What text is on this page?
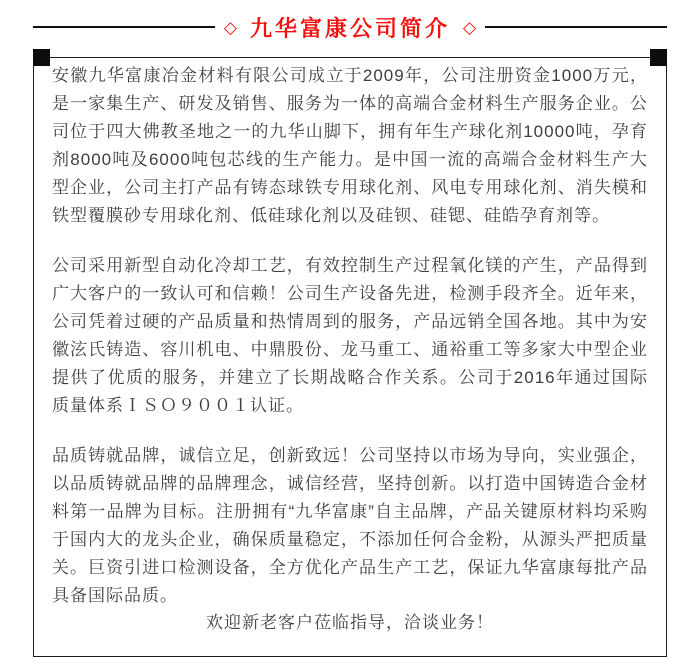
◇ 九华富康公司简介 ◇

安徽九华富康冶金材料有限公司成立于2009年，公司注册资金1000万元，是一家集生产、研发及销售、服务为一体的高端合金材料生产服务企业。公司位于四大佛教圣地之一的九华山脚下，拥有年生产球化剂10000吨，孕育剂8000吨及6000吨包芯线的生产能力。是中国一流的高端合金材料生产大型企业，公司主打产品有铸态球铁专用球化剂、风电专用球化剂、消失模和铁型覆膜砂专用球化剂、低硅球化剂以及硅钡、硅锶、硅皓孕育剂等。

公司采用新型自动化冷却工艺，有效控制生产过程氧化镁的产生，产品得到广大客户的一致认可和信赖！公司生产设备先进，检测手段齐全。近年来，公司凭着过硬的产品质量和热情周到的服务，产品远销全国各地。其中为安徽泫氏铸造、容川机电、中鼎股份、龙马重工、通裕重工等多家大中型企业提供了优质的服务，并建立了长期战略合作关系。公司于2016年通过国际质量体系ＩＳＯ９００１认证。

品质铸就品牌，诚信立足，创新致远！公司坚持以市场为导向，实业强企，以品质铸就品牌的品牌理念，诚信经营，坚持创新。以打造中国铸造合金材料第一品牌为目标。注册拥有“九华富康”自主品牌，产品关键原材料均采购于国内大的龙头企业，确保质量稳定，不添加任何合金粉，从源头严把质量关。巨资引进口检测设备，全方优化产品生产工艺，保证九华富康每批产品具备国际品质。

欢迎新老客户莅临指导，洽谈业务！
